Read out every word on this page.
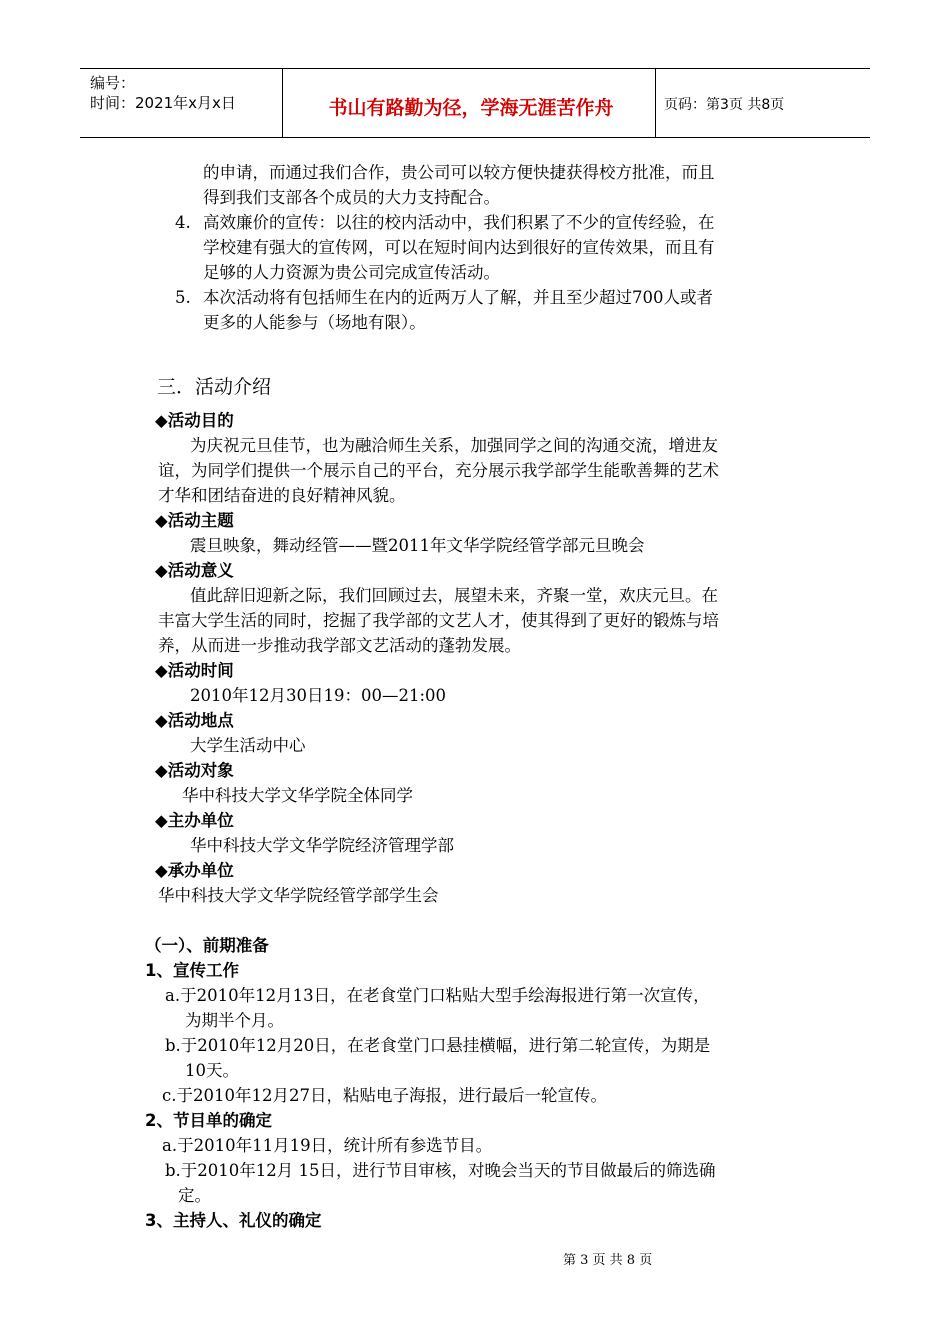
编号：
时间：2021年x月x日	书山有路勤为径，学海无涯苦作舟	页码：第3页 共8页
的申请，而通过我们合作，贵公司可以较方便快捷获得校方批准，而且
得到我们支部各个成员的大力支持配合。
4. 高效廉价的宣传：以往的校内活动中，我们积累了不少的宣传经验，在
学校建有强大的宣传网，可以在短时间内达到很好的宣传效果，而且有
足够的人力资源为贵公司完成宣传活动。
5. 本次活动将有包括师生在内的近两万人了解，并且至少超过700人或者
更多的人能参与（场地有限）。
三．活动介绍
◆活动目的
为庆祝元旦佳节，也为融洽师生关系，加强同学之间的沟通交流，增进友
谊，为同学们提供一个展示自己的平台，充分展示我学部学生能歌善舞的艺术
才华和团结奋进的良好精神风貌。
◆活动主题
震旦映象，舞动经管——暨2011年文华学院经管学部元旦晚会
◆活动意义
值此辞旧迎新之际，我们回顾过去，展望未来，齐聚一堂，欢庆元旦。在
丰富大学生活的同时，挖掘了我学部的文艺人才，使其得到了更好的锻炼与培
养，从而进一步推动我学部文艺活动的蓬勃发展。
◆活动时间
2010年12月30日19：00—21:00
◆活动地点
大学生活动中心
◆活动对象
华中科技大学文华学院全体同学
◆主办单位
华中科技大学文华学院经济管理学部
◆承办单位
华中科技大学文华学院经管学部学生会
（一）、前期准备
1、宣传工作
a.于2010年12月13日，在老食堂门口粘贴大型手绘海报进行第一次宣传，
为期半个月。
b.于2010年12月20日，在老食堂门口悬挂横幅，进行第二轮宣传，为期是
10天。
c.于2010年12月27日，粘贴电子海报，进行最后一轮宣传。
2、节目单的确定
a.于2010年11月19日，统计所有参选节目。
b.于2010年12月 15日，进行节目审核，对晚会当天的节目做最后的筛选确
定。
3、主持人、礼仪的确定
第 3 页 共 8 页
